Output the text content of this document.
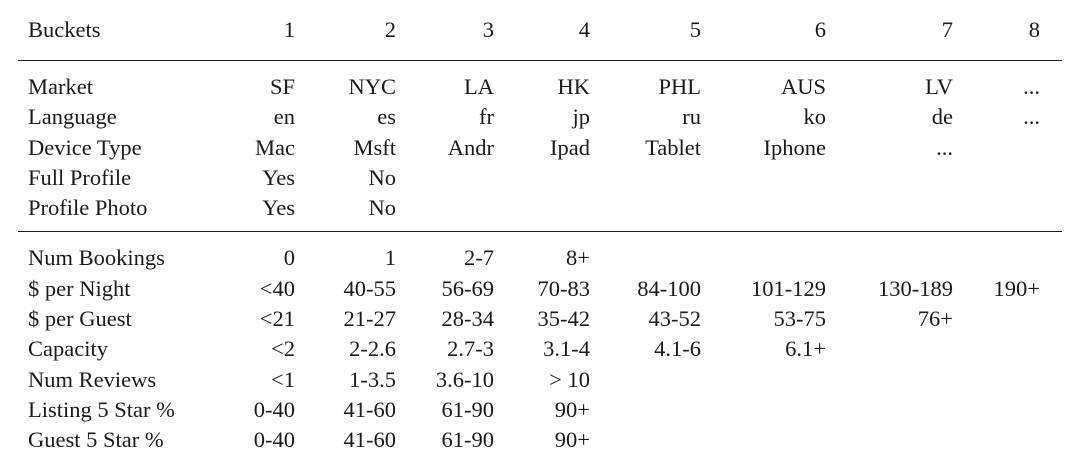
Buckets	1	2	3	4	5	6	7	8
Market	SF	NYC	LA	HK	PHL	AUS	LV	...
Language	en	es	fr	jp	ru	ko	de	...
Device Type	Mac	Msft	Andr	Ipad	Tablet	Iphone	...	
Full Profile	Yes	No						
Profile Photo	Yes	No						
Num Bookings	0	1	2-7	8+				
$ per Night	<40	40-55	56-69	70-83	84-100	101-129	130-189	190+
$ per Guest	<21	21-27	28-34	35-42	43-52	53-75	76+	
Capacity	<2	2-2.6	2.7-3	3.1-4	4.1-6	6.1+		
Num Reviews	<1	1-3.5	3.6-10	> 10				
Listing 5 Star %	0-40	41-60	61-90	90+				
Guest 5 Star %	0-40	41-60	61-90	90+				
